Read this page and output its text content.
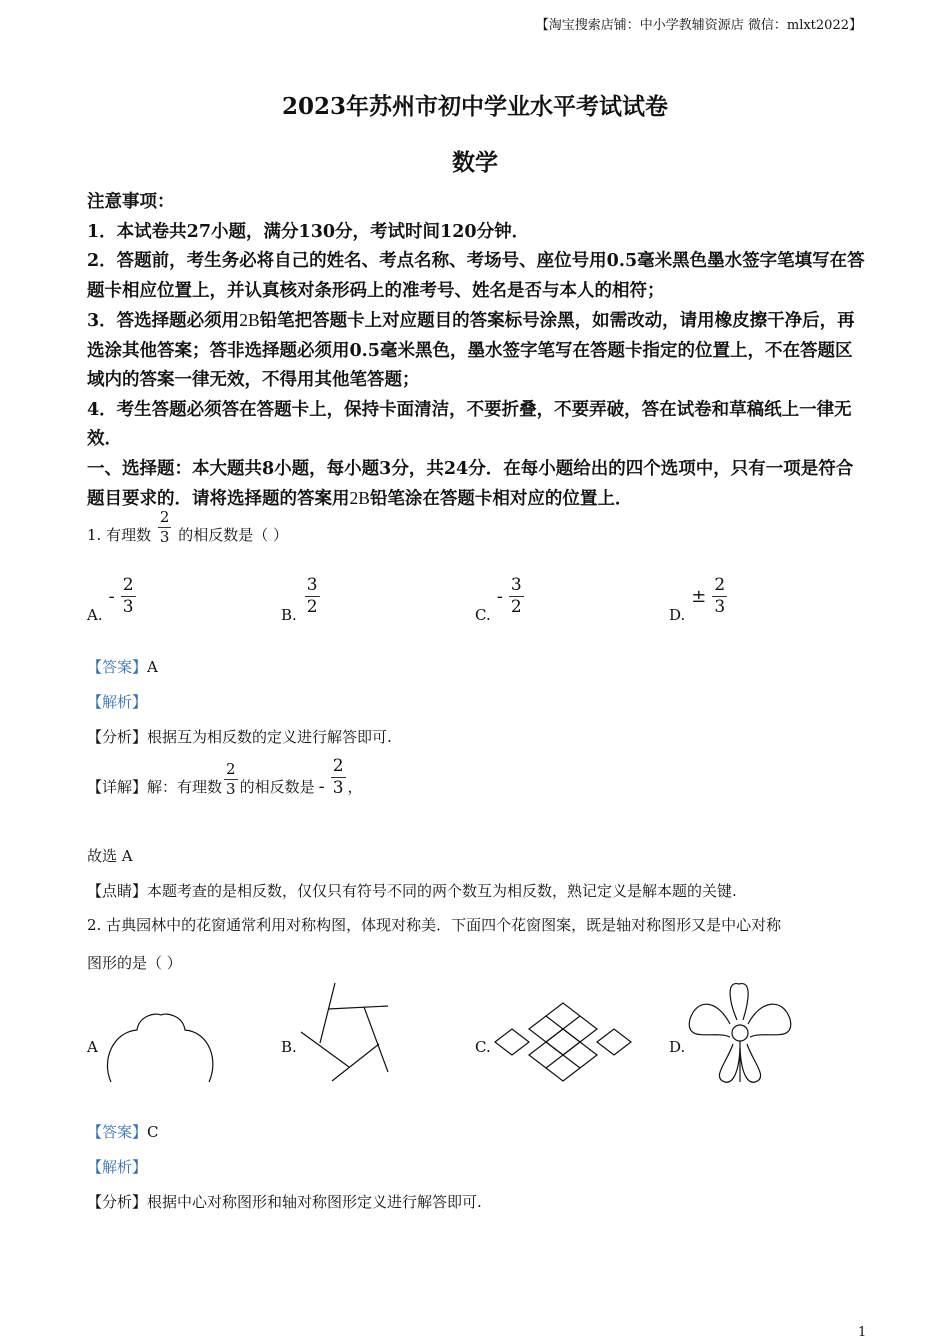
【淘宝搜索店铺：中小学教辅资源店 微信：mlxt2022】
2023年苏州市初中学业水平考试试卷
数学

注意事项：

1．本试卷共27小题，满分130分，考试时间120分钟．

2．答题前，考生务必将自己的姓名、考点名称、考场号、座位号用0.5毫米黑色墨水签字笔填写在答题卡相应位置上，并认真核对条形码上的准考号、姓名是否与本人的相符；

3．答选择题必须用2B铅笔把答题卡上对应题目的答案标号涂黑，如需改动，请用橡皮擦干净后，再选涂其他答案；答非选择题必须用0.5毫米黑色，墨水签字笔写在答题卡指定的位置上，不在答题区域内的答案一律无效，不得用其他笔答题；

4．考生答题必须答在答题卡上，保持卡面清洁，不要折叠，不要弄破，答在试卷和草稿纸上一律无效．

一、选择题：本大题共8小题，每小题3分，共24分．在每小题给出的四个选项中，只有一项是符合题目要求的．请将选择题的答案用2B铅笔涂在答题卡相对应的位置上．

1. 有理数 $\frac{2}{3}$ 的相反数是（ ）
A.
- $\frac{2}{3}$	B. $\frac{3}{2}$	C.
- $\frac{3}{2}$	D.
± $\frac{2}{3}$
【答案】A
【解析】
【分析】根据互为相反数的定义进行解答即可.
【详解】 解：有理数 $\frac{2}{3}$ 的相反数是 - $\frac{2}{3}$ ，
故选 A
【点睛】本题考查的是相反数，仅仅只有符号不同的两个数互为相反数，熟记定义是解本题的关键.
2. 古典园林中的花窗通常利用对称构图，体现对称美．下面四个花窗图案，既是轴对称图形又是中心对称
图形的是（ ）
A	B.	C.	D.
【答案】C
【解析】
【分析】根据中心对称图形和轴对称图形定义进行解答即可.
1
